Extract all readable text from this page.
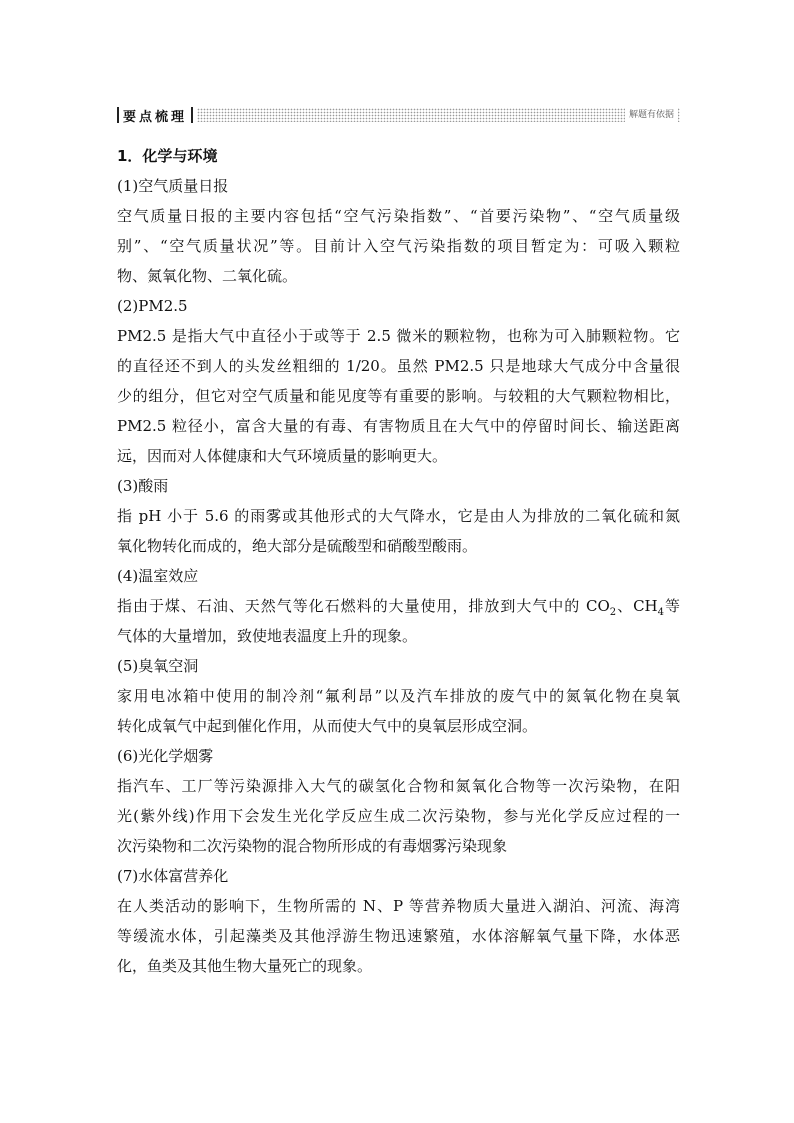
要点梳理	解题有依据

1．化学与环境

(1)空气质量日报

空气质量日报的主要内容包括“空气污染指数”、“首要污染物”、“空气质量级

别”、“空气质量状况”等。目前计入空气污染指数的项目暂定为：可吸入颗粒

物、氮氧化物、二氧化硫。

(2)PM2.5

PM2.5 是指大气中直径小于或等于 2.5 微米的颗粒物，也称为可入肺颗粒物。它

的直径还不到人的头发丝粗细的 1/20。虽然 PM2.5 只是地球大气成分中含量很

少的组分，但它对空气质量和能见度等有重要的影响。与较粗的大气颗粒物相比，

PM2.5 粒径小，富含大量的有毒、有害物质且在大气中的停留时间长、输送距离

远，因而对人体健康和大气环境质量的影响更大。

(3)酸雨

指 pH 小于 5.6 的雨雾或其他形式的大气降水，它是由人为排放的二氧化硫和氮

氧化物转化而成的，绝大部分是硫酸型和硝酸型酸雨。

(4)温室效应

指由于煤、石油、天然气等化石燃料的大量使用，排放到大气中的 $CO_2$、$CH_4$等

气体的大量增加，致使地表温度上升的现象。

(5)臭氧空洞

家用电冰箱中使用的制冷剂“氟利昂”以及汽车排放的废气中的氮氧化物在臭氧

转化成氧气中起到催化作用，从而使大气中的臭氧层形成空洞。

(6)光化学烟雾

指汽车、工厂等污染源排入大气的碳氢化合物和氮氧化合物等一次污染物，在阳

光(紫外线)作用下会发生光化学反应生成二次污染物，参与光化学反应过程的一

次污染物和二次污染物的混合物所形成的有毒烟雾污染现象

(7)水体富营养化

在人类活动的影响下，生物所需的 N、P 等营养物质大量进入湖泊、河流、海湾

等缓流水体，引起藻类及其他浮游生物迅速繁殖，水体溶解氧气量下降，水体恶

化，鱼类及其他生物大量死亡的现象。
